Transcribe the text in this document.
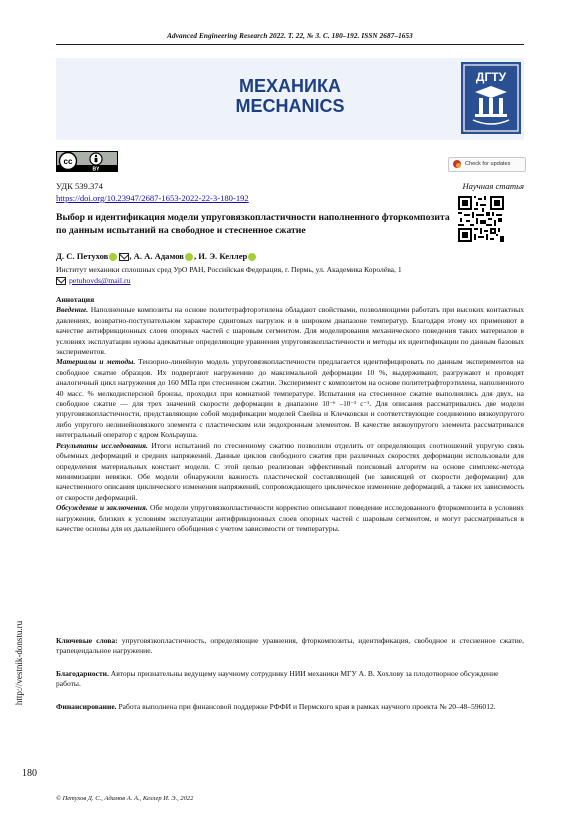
Advanced Engineering Research 2022. Т. 22, № 3. С. 180–192. ISSN 2687–1653
МЕХАНИКА
MECHANICS
ДГТУ
cc
BY
Check for updates
УДК 539.374	Научная статья
https://doi.org/10.23947/2687-1653-2022-22-3-180-192
Выбор и идентификация модели упруговязкопластичности наполненного фторкомпозита по данным испытаний на свободное и стесненное сжатие
Д. С. Петухов , А. А. Адамов , И. Э. Келлер
Институт механики сплошных сред УрО РАН, Российская Федерация, г. Пермь, ул. Академика Королёва, 1
petuhovds@mail.ru

Аннотация

Введение. Наполненные композиты на основе политетрафторэтилена обладают свойствами, позволяющими работать при высоких контактных давлениях, возвратно-поступательном характере сдвиговых нагрузок и в широком диапазоне температур. Благодаря этому их применяют в качестве антифрикционных слоев опорных частей с шаровым сегментом. Для моделирования механического поведения таких материалов в условиях эксплуатации нужны адекватные определяющие уравнения упруговязкопластичности и методы их идентификации по данным базовых экспериментов.

Материалы и методы. Тензорно-линейную модель упруговязкопластичности предлагается идентифицировать по данным экспериментов на свободное сжатие образцов. Их подвергают нагружению до максимальной деформации 10 %, выдерживают, разгружают и проводят аналогичный цикл нагружения до 160 МПа при стесненном сжатии. Эксперимент с композитом на основе политетрафторэтилена, наполненного 40 масс. % мелкодисперсной бронзы, проходил при комнатной температуре. Испытания на стесненное сжатие выполнялись для двух, на свободное сжатие — для трех значений скорости деформации в диапазоне 10⁻⁶ –10⁻³ с⁻¹. Для описания рассматривались две модели упруговязкопластичности, представляющие собой модификации моделей Свейна и Клечковски и соответствующие соединению вязкоупругого либо упругого нелинейновязкого элемента с пластическим или эндохронным элементом. В качестве вязкоупругого элемента рассматривался интегральный оператор с ядром Кольрауша.

Результаты исследования. Итоги испытаний по стесненному сжатию позволили отделить от определяющих соотношений упругую связь объемных деформаций и средних напряжений. Данные циклов свободного сжатия при различных скоростях деформации использовали для определения материальных констант модели. С этой целью реализован эффективный поисковый алгоритм на основе симплекс-метода минимизации невязки. Обе модели обнаружили важность пластической составляющей (не зависящей от скорости деформации) для качественного описания циклического изменения напряжений, сопровождающего циклическое изменение деформаций, а также их зависимость от скорости деформаций.

Обсуждение и заключения. Обе модели упруговязкопластичности корректно описывают поведение исследованного фторкомпозита в условиях нагружения, близких к условиям эксплуатации антифрикционных слоев опорных частей с шаровым сегментом, и могут рассматриваться в качестве основы для их дальнейшего обобщения с учетом зависимости от температуры.

Ключевые слова: упруговязкопластичность, определяющие уравнения, фторкомпозиты, идентификация, свободное и стесненное сжатие, трапецеидальное нагружение.
Благодарности. Авторы признательны ведущему научному сотруднику НИИ механики МГУ А. В. Хохлову за плодотворное обсуждение работы.
Финансирование. Работа выполнена при финансовой поддержке РФФИ и Пермского края в рамках научного проекта № 20–48–596012.
http://vestnik-donstu.ru
180
© Петухов Д. С., Адамов А. А., Келлер И. Э., 2022
